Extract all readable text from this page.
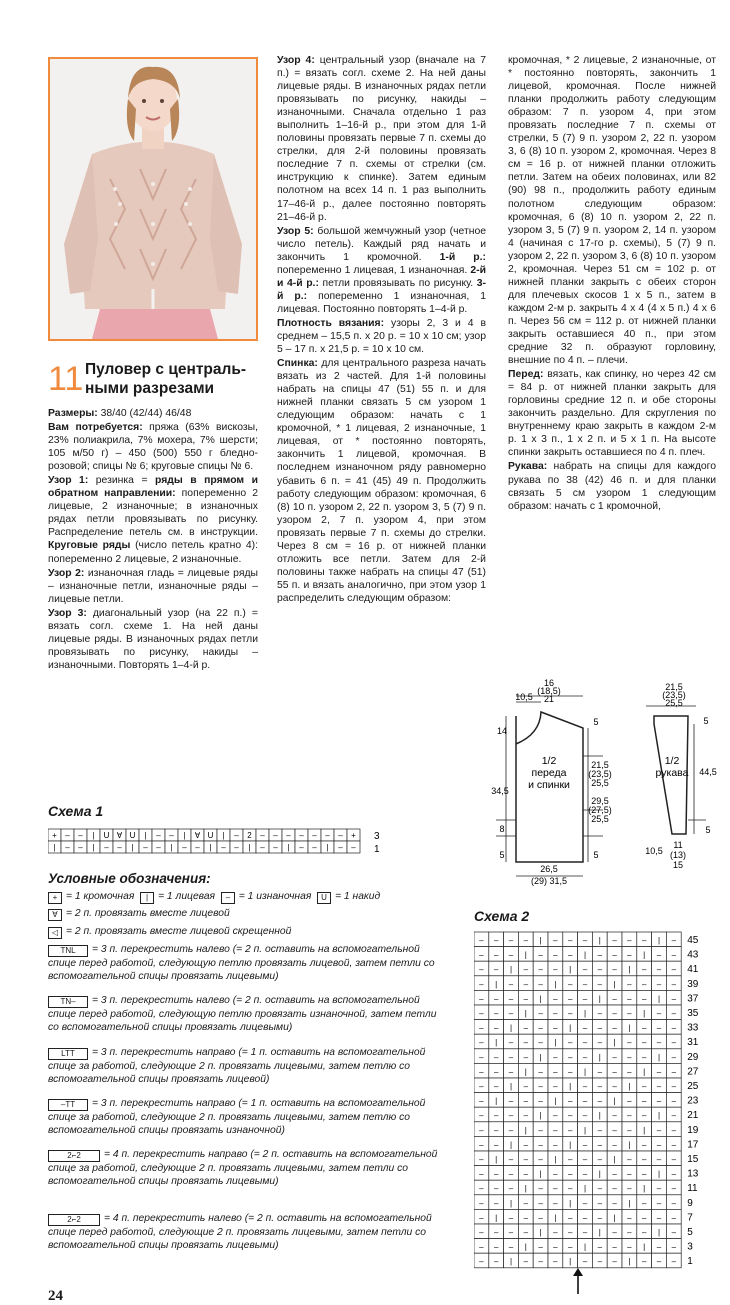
11 Пуловер с централь-
ными разрезами

Размеры: 38/40 (42/44) 46/48

Вам потребуется: пряжа (63% вискозы, 23% полиакрила, 7% мохера, 7% шерсти; 105 м/50 г) – 450 (500) 550 г бледно-розовой; спицы № 6; круговые спицы № 6.

Узор 1: резинка = ряды в прямом и обратном направлении: попеременно 2 лицевые, 2 изнаночные; в изнаночных рядах петли провязывать по рисунку. Распределение петель см. в инструкции. Круговые ряды (число петель кратно 4): попеременно 2 лицевые, 2 изнаночные.

Узор 2: изнаночная гладь = лицевые ряды – изнаночные петли, изнаночные ряды – лицевые петли.

Узор 3: диагональный узор (на 22 п.) = вязать согл. схеме 1. На ней даны лицевые ряды. В изнаночных рядах петли провязывать по рисунку, накиды – изнаночными. Повторять 1–4-й р.

Узор 4: центральный узор (вначале на 7 п.) = вязать согл. схеме 2. На ней даны лицевые ряды. В изнаночных рядах петли провязывать по рисунку, накиды – изнаночными. Сначала отдельно 1 раз выполнить 1–16-й р., при этом для 1-й половины провязать первые 7 п. схемы до стрелки, для 2-й половины провязать последние 7 п. схемы от стрелки (см. инструкцию к спинке). Затем единым полотном на всех 14 п. 1 раз выполнить 17–46-й р., далее постоянно повторять 21–46-й р.

Узор 5: большой жемчужный узор (четное число петель). Каждый ряд начать и закончить 1 кромочной. 1-й р.: попеременно 1 лицевая, 1 изнаночная. 2-й и 4-й р.: петли провязывать по рисунку. 3-й р.: попеременно 1 изнаночная, 1 лицевая. Постоянно повторять 1–4-й р.

Плотность вязания: узоры 2, 3 и 4 в среднем – 15,5 п. x 20 р. = 10 x 10 см; узор 5 – 17 п. x 21,5 р. = 10 x 10 см.

Спинка: для центрального разреза начать вязать из 2 частей. Для 1-й половины набрать на спицы 47 (51) 55 п. и для нижней планки связать 5 см узором 1 следующим образом: начать с 1 кромочной, * 1 лицевая, 2 изнаночные, 1 лицевая, от * постоянно повторять, закончить 1 лицевой, кромочная. В последнем изнаночном ряду равномерно убавить 6 п. = 41 (45) 49 п. Продолжить работу следующим образом: кромочная, 6 (8) 10 п. узором 2, 22 п. узором 3, 5 (7) 9 п. узором 2, 7 п. узором 4, при этом провязать первые 7 п. схемы до стрелки. Через 8 см = 16 р. от нижней планки отложить все петли. Затем для 2-й половины также набрать на спицы 47 (51) 55 п. и вязать аналогично, при этом узор 1 распределить следующим образом:

кромочная, * 2 лицевые, 2 изнаночные, от * постоянно повторять, закончить 1 лицевой, кромочная. После нижней планки продолжить работу следующим образом: 7 п. узором 4, при этом провязать последние 7 п. схемы от стрелки, 5 (7) 9 п. узором 2, 22 п. узором 3, 6 (8) 10 п. узором 2, кромочная. Через 8 см = 16 р. от нижней планки отложить петли. Затем на обеих половинах, или 82 (90) 98 п., продолжить работу единым полотном следующим образом: кромочная, 6 (8) 10 п. узором 2, 22 п. узором 3, 5 (7) 9 п. узором 2, 14 п. узором 4 (начиная с 17-го р. схемы), 5 (7) 9 п. узором 2, 22 п. узором 3, 6 (8) 10 п. узором 2, кромочная. Через 51 см = 102 р. от нижней планки закрыть с обеих сторон для плечевых скосов 1 x 5 п., затем в каждом 2-м р. закрыть 4 x 4 (4 x 5 п.) 4 x 6 п. Через 56 см = 112 р. от нижней планки закрыть оставшиеся 40 п., при этом средние 32 п. образуют горловину, внешние по 4 п. – плечи.

Перед: вязать, как спинку, но через 42 см = 84 р. от нижней планки закрыть для горловины средние 12 п. и обе стороны закончить раздельно. Для скругления по внутреннему краю закрыть в каждом 2-м р. 1 x 3 п., 1 x 2 п. и 5 x 1 п. На высоте спинки закрыть оставшиеся по 4 п. плеч.

Рукава: набрать на спицы для каждого рукава по 38 (42) 46 п. и для планки связать 5 см узором 1 следующим образом: начать с 1 кромочной,

16
(18,5)
21
10,5
14
5
21,5
(23,5)
25,5
29,5
(27,5)
25,5
34,5
8
5	5
26,5
(29) 31,5
1/2
переда
и спинки
21,5
(23,5)
25,5
5
44,5
5
10,5
11
(13)
15
1/2
рукава
Схема 1
+ – – | U ∀ U | – – | ∀ U | – 2 – – – – – – – +
| – – | – – | – – | – – | – – | – – | – – | – –
3
1
Условные обозначения:
+ = 1 кромочная | = 1 лицевая – = 1 изнаночная U = 1 накид
∀ = 2 п. провязать вместе лицевой
◁ = 2 п. провязать вместе лицевой скрещенной
TNL = 3 п. перекрестить налево (= 2 п. оставить на вспомогательной спице перед работой, следующую петлю провязать лицевой, затем петли со вспомогательной спицы провязать лицевыми)
TN– = 3 п. перекрестить налево (= 2 п. оставить на вспомогательной спице перед работой, следующую петлю провязать изнаночной, затем петли со вспомогательной спицы провязать лицевыми)
LTT = 3 п. перекрестить направо (= 1 п. оставить на вспомогательной спице за работой, следующие 2 п. провязать лицевыми, затем петлю со вспомогательной спицы провязать лицевой)
–TT = 3 п. перекрестить направо (= 1 п. оставить на вспомогательной спице за работой, следующие 2 п. провязать лицевыми, затем петлю со вспомогательной спицы провязать изнаночной)
2⌐2 = 4 п. перекрестить направо (= 2 п. оставить на вспомогательной спице за работой, следующие 2 п. провязать лицевыми, затем петли со вспомогательной спицы провязать лицевыми)
2⌐2 = 4 п. перекрестить налево (= 2 п. оставить на вспомогательной спице перед работой, следующие 2 п. провязать лицевыми, затем петли со вспомогательной спицы провязать лицевыми)
Схема 2
– – – – | – – – | – – – | –
– – – | – – – | – – – | – –
– – | – – – | – – – | – – –
– | – – – | – – – | – – – –
– – – – | – – – | – – – | –
– – – | – – – | – – – | – –
– – | – – – | – – – | – – –
– | – – – | – – – | – – – –
– – – – | – – – | – – – | –
– – – | – – – | – – – | – –
– – | – – – | – – – | – – –
– | – – – | – – – | – – – –
– – – – | – – – | – – – | –
– – – | – – – | – – – | – –
– – | – – – | – – – | – – –
– | – – – | – – – | – – – –
– – – – | – – – | – – – | –
– – – | – – – | – – – | – –
– – | – – – | – – – | – – –
– | – – – | – – – | – – – –
– – – – | – – – | – – – | –
– – – | – – – | – – – | – –
– – | – – – | – – – | – – –
45
43
41
39
37
35
33
31
29
27
25
23
21
19
17
15
13
11
9
7
5
3
1
24
